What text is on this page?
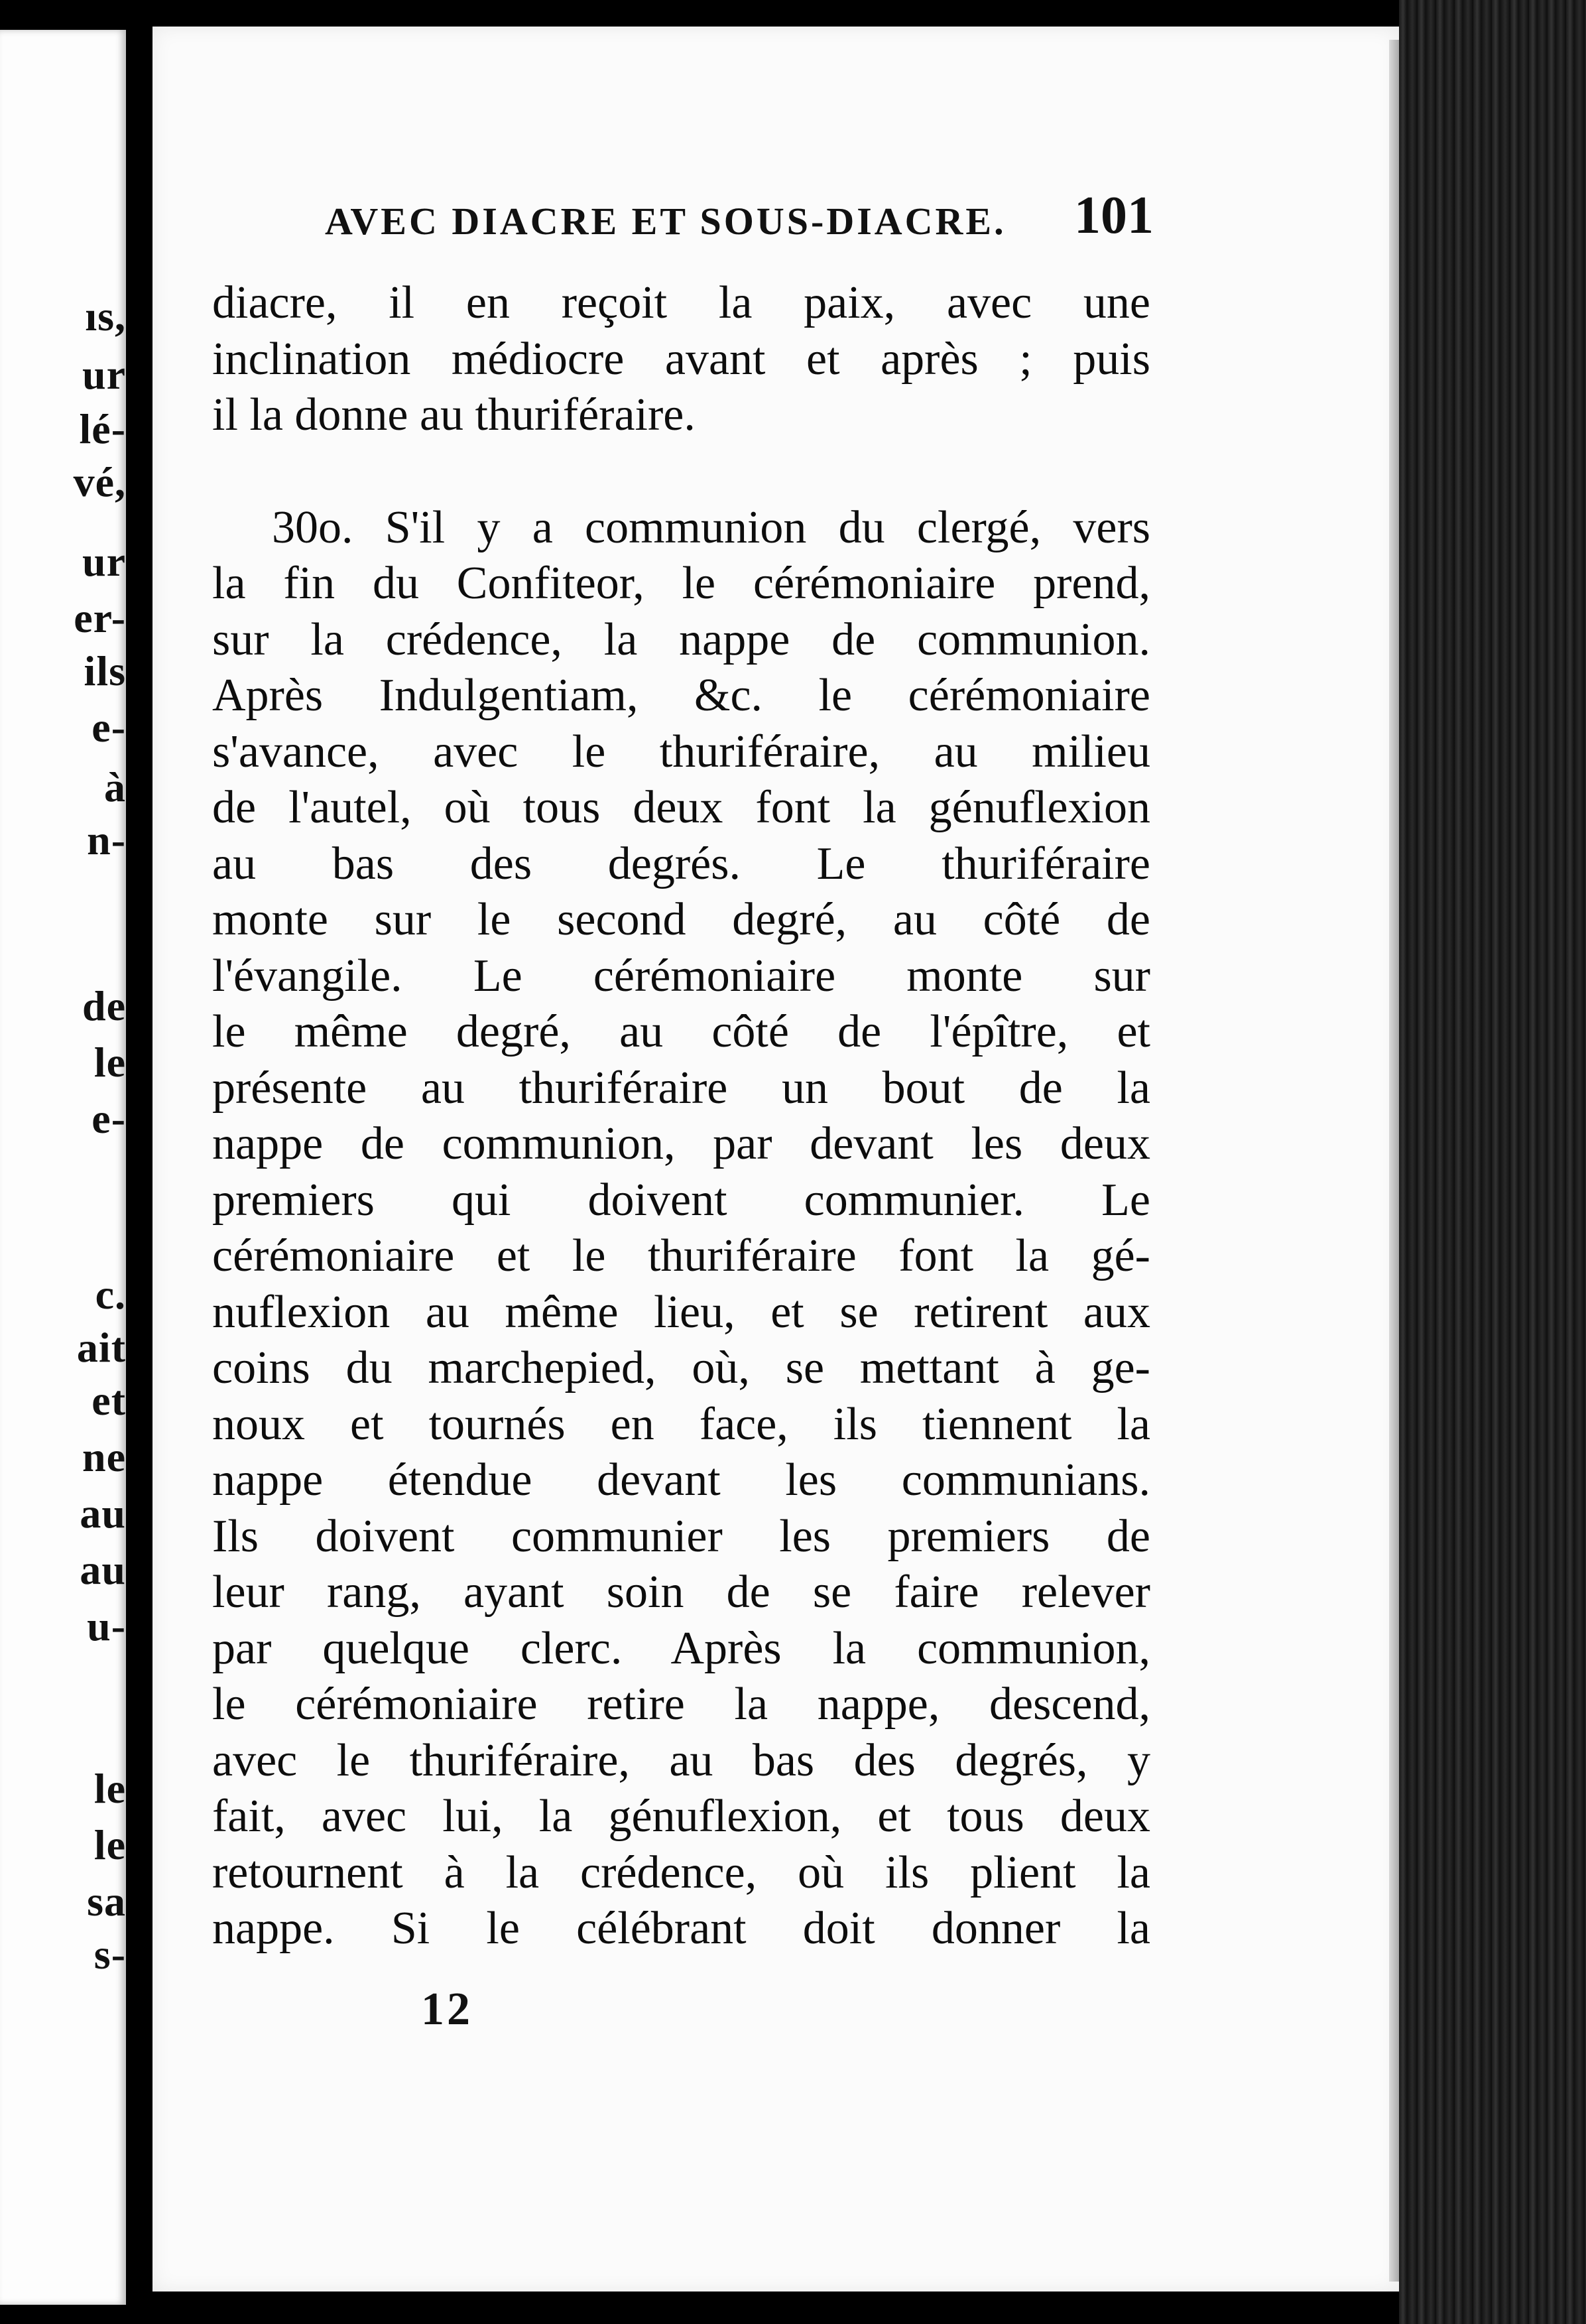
ıs,
ur
lé-
vé,
ur
er-
ils
e-
à
n-
de
le
e-
c.
ait
et
ne
au
au
u-
le
le
sa
s-
AVEC DIACRE ET SOUS-DIACRE. 101
diacre, il en reçoit la paix, avec une
inclination médiocre avant et après ; puis
il la donne au thuriféraire.
30o. S'il y a communion du clergé, vers
la fin du Confiteor, le cérémoniaire prend,
sur la crédence, la nappe de communion.
Après Indulgentiam, &c. le cérémoniaire
s'avance, avec le thuriféraire, au milieu
de l'autel, où tous deux font la génuflexion
au bas des degrés. Le thuriféraire
monte sur le second degré, au côté de
l'évangile. Le cérémoniaire monte sur
le même degré, au côté de l'épître, et
présente au thuriféraire un bout de la
nappe de communion, par devant les deux
premiers qui doivent communier. Le
cérémoniaire et le thuriféraire font la gé-
nuflexion au même lieu, et se retirent aux
coins du marchepied, où, se mettant à ge-
noux et tournés en face, ils tiennent la
nappe étendue devant les communians.
Ils doivent communier les premiers de
leur rang, ayant soin de se faire relever
par quelque clerc. Après la communion,
le cérémoniaire retire la nappe, descend,
avec le thuriféraire, au bas des degrés, y
fait, avec lui, la génuflexion, et tous deux
retournent à la crédence, où ils plient la
nappe. Si le célébrant doit donner la
12
